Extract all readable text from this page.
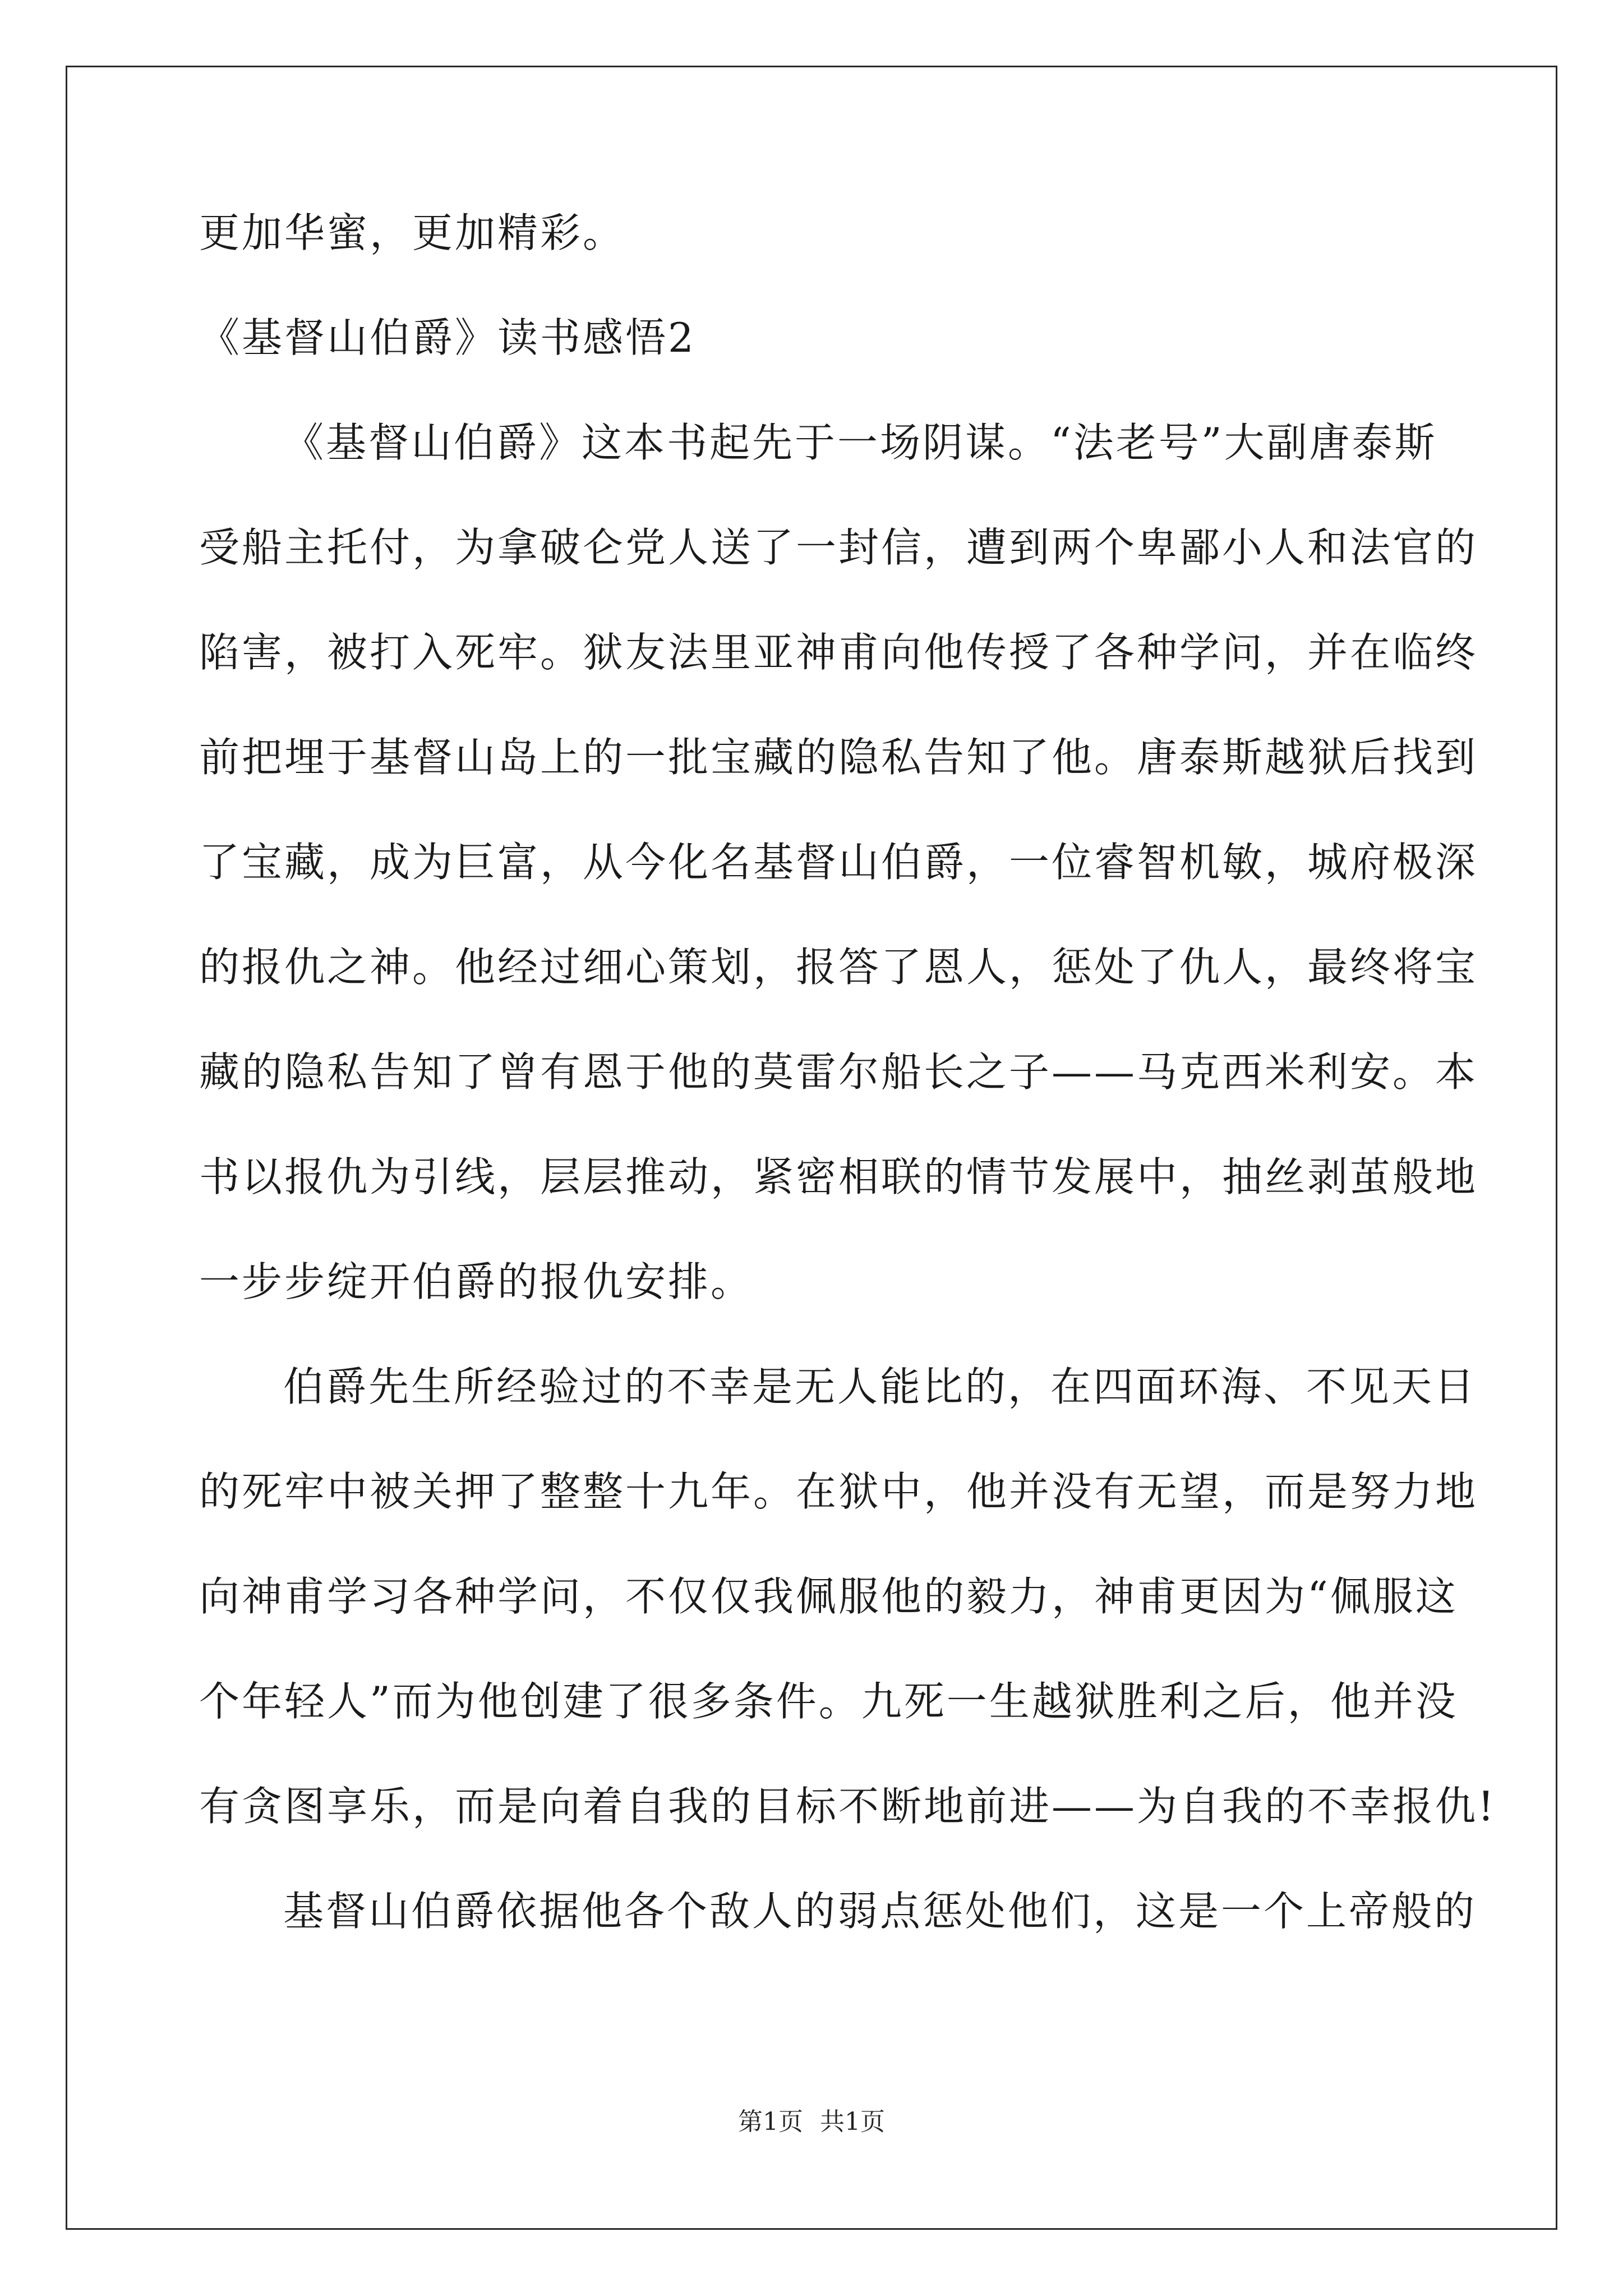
更加华蜜，更加精彩。

《基督山伯爵》读书感悟2

《基督山伯爵》这本书起先于一场阴谋。“法老号”大副唐泰斯

受船主托付，为拿破仑党人送了一封信，遭到两个卑鄙小人和法官的

陷害，被打入死牢。狱友法里亚神甫向他传授了各种学问，并在临终

前把埋于基督山岛上的一批宝藏的隐私告知了他。唐泰斯越狱后找到

了宝藏，成为巨富，从今化名基督山伯爵，一位睿智机敏，城府极深

的报仇之神。他经过细心策划，报答了恩人，惩处了仇人，最终将宝

藏的隐私告知了曾有恩于他的莫雷尔船长之子——马克西米利安。本

书以报仇为引线，层层推动，紧密相联的情节发展中，抽丝剥茧般地

一步步绽开伯爵的报仇安排。

伯爵先生所经验过的不幸是无人能比的，在四面环海、不见天日

的死牢中被关押了整整十九年。在狱中，他并没有无望，而是努力地

向神甫学习各种学问，不仅仅我佩服他的毅力，神甫更因为“佩服这

个年轻人”而为他创建了很多条件。九死一生越狱胜利之后，他并没

有贪图享乐，而是向着自我的目标不断地前进——为自我的不幸报仇!

基督山伯爵依据他各个敌人的弱点惩处他们，这是一个上帝般的

第1页 共1页
